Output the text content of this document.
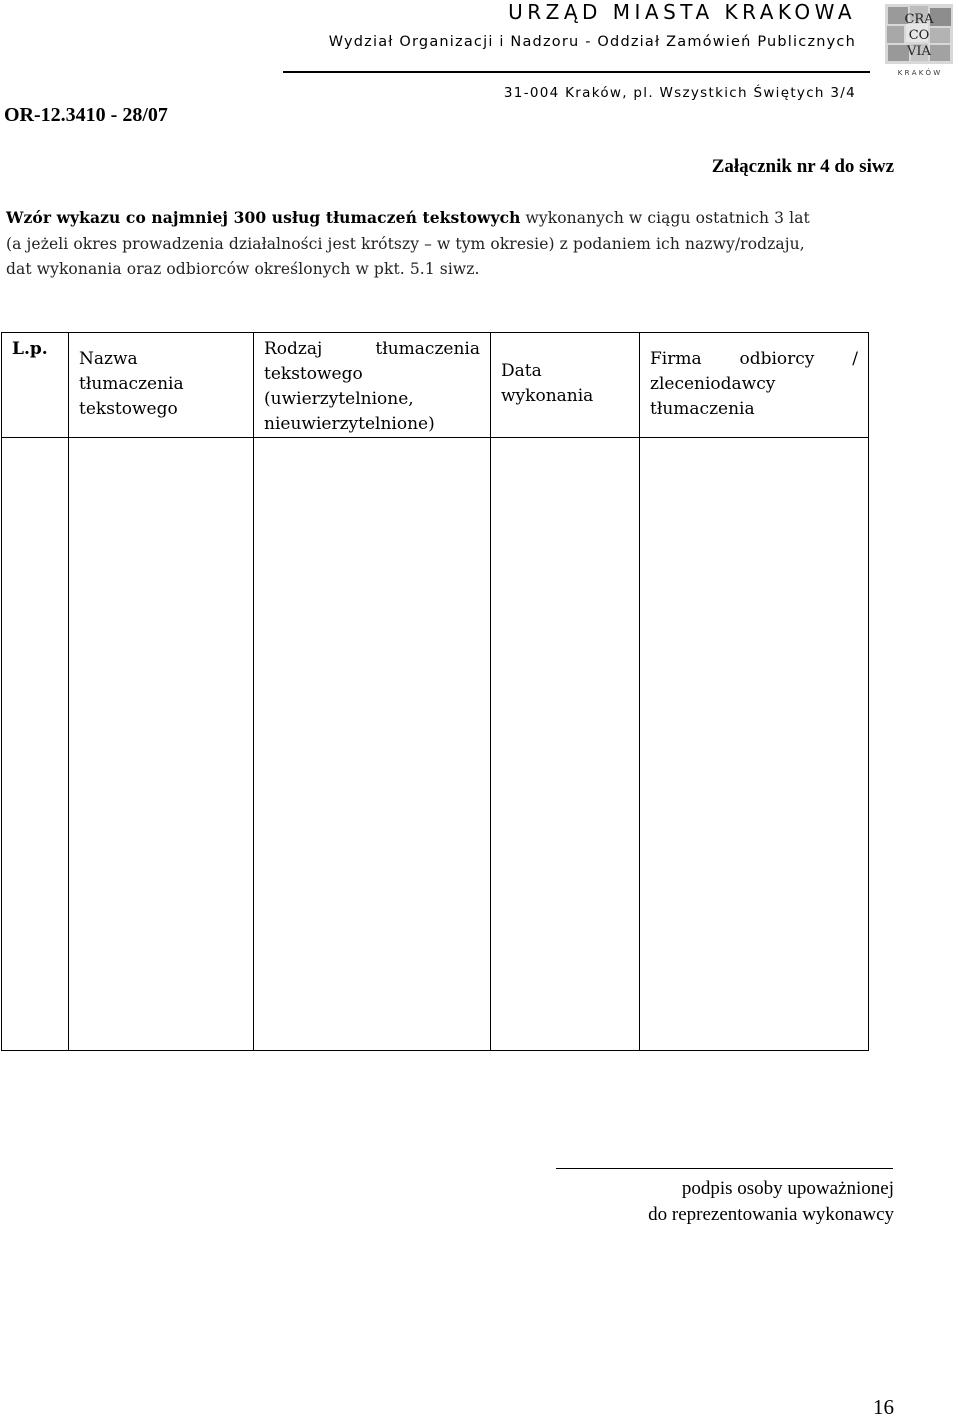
URZĄD MIASTA KRAKOWA
Wydział Organizacji i Nadzoru - Oddział Zamówień Publicznych
31-004 Kraków, pl. Wszystkich Świętych 3/4
CRA
CO
VIA
K R A K Ó W
OR-12.3410 - 28/07
Załącznik nr 4 do siwz
Wzór wykazu co najmniej 300 usług tłumaczeń tekstowych wykonanych w ciągu ostatnich 3 lat
(a jeżeli okres prowadzenia działalności jest krótszy – w tym okresie) z podaniem ich nazwy/rodzaju,
dat wykonania oraz odbiorców określonych w pkt. 5.1 siwz.
L.p.	Nazwa tłumaczenia tekstowego	Rodzaj tłumaczenia tekstowego (uwierzytelnione, nieuwierzytelnione)	Data wykonania	Firma odbiorcy / zleceniodawcy tłumaczenia

podpis osoby upoważnionej
do reprezentowania wykonawcy
16
